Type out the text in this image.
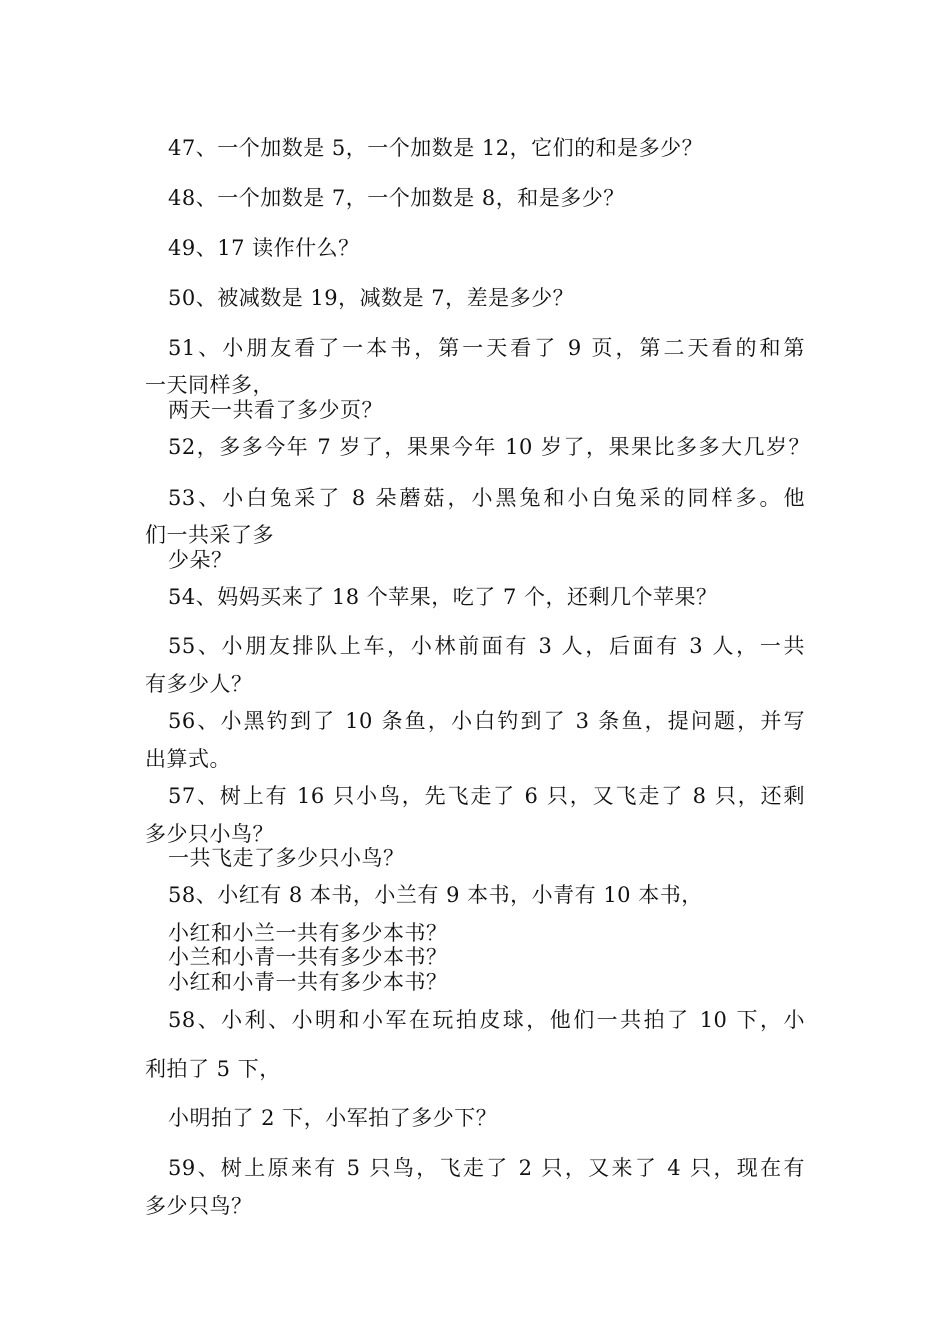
47、一个加数是 5，一个加数是 12，它们的和是多少？
48、一个加数是 7，一个加数是 8，和是多少？
49、17 读作什么？
50、被减数是 19，减数是 7，差是多少？
51、小朋友看了一本书，第一天看了 9 页，第二天看的和第
一天同样多，
两天一共看了多少页？
52，多多今年 7 岁了，果果今年 10 岁了，果果比多多大几岁？
53、小白兔采了 8 朵蘑菇，小黑兔和小白兔采的同样多。他
们一共采了多
少朵？
54、妈妈买来了 18 个苹果，吃了 7 个，还剩几个苹果？
55、小朋友排队上车，小林前面有 3 人，后面有 3 人，一共
有多少人？
56、小黑钓到了 10 条鱼，小白钓到了 3 条鱼，提问题，并写
出算式。
57、树上有 16 只小鸟，先飞走了 6 只，又飞走了 8 只，还剩
多少只小鸟？
一共飞走了多少只小鸟？
58、小红有 8 本书，小兰有 9 本书，小青有 10 本书，
小红和小兰一共有多少本书？
小兰和小青一共有多少本书？
小红和小青一共有多少本书？
58、小利、小明和小军在玩拍皮球，他们一共拍了 10 下，小
利拍了 5 下，
小明拍了 2 下，小军拍了多少下？
59、树上原来有 5 只鸟，飞走了 2 只，又来了 4 只，现在有
多少只鸟？
